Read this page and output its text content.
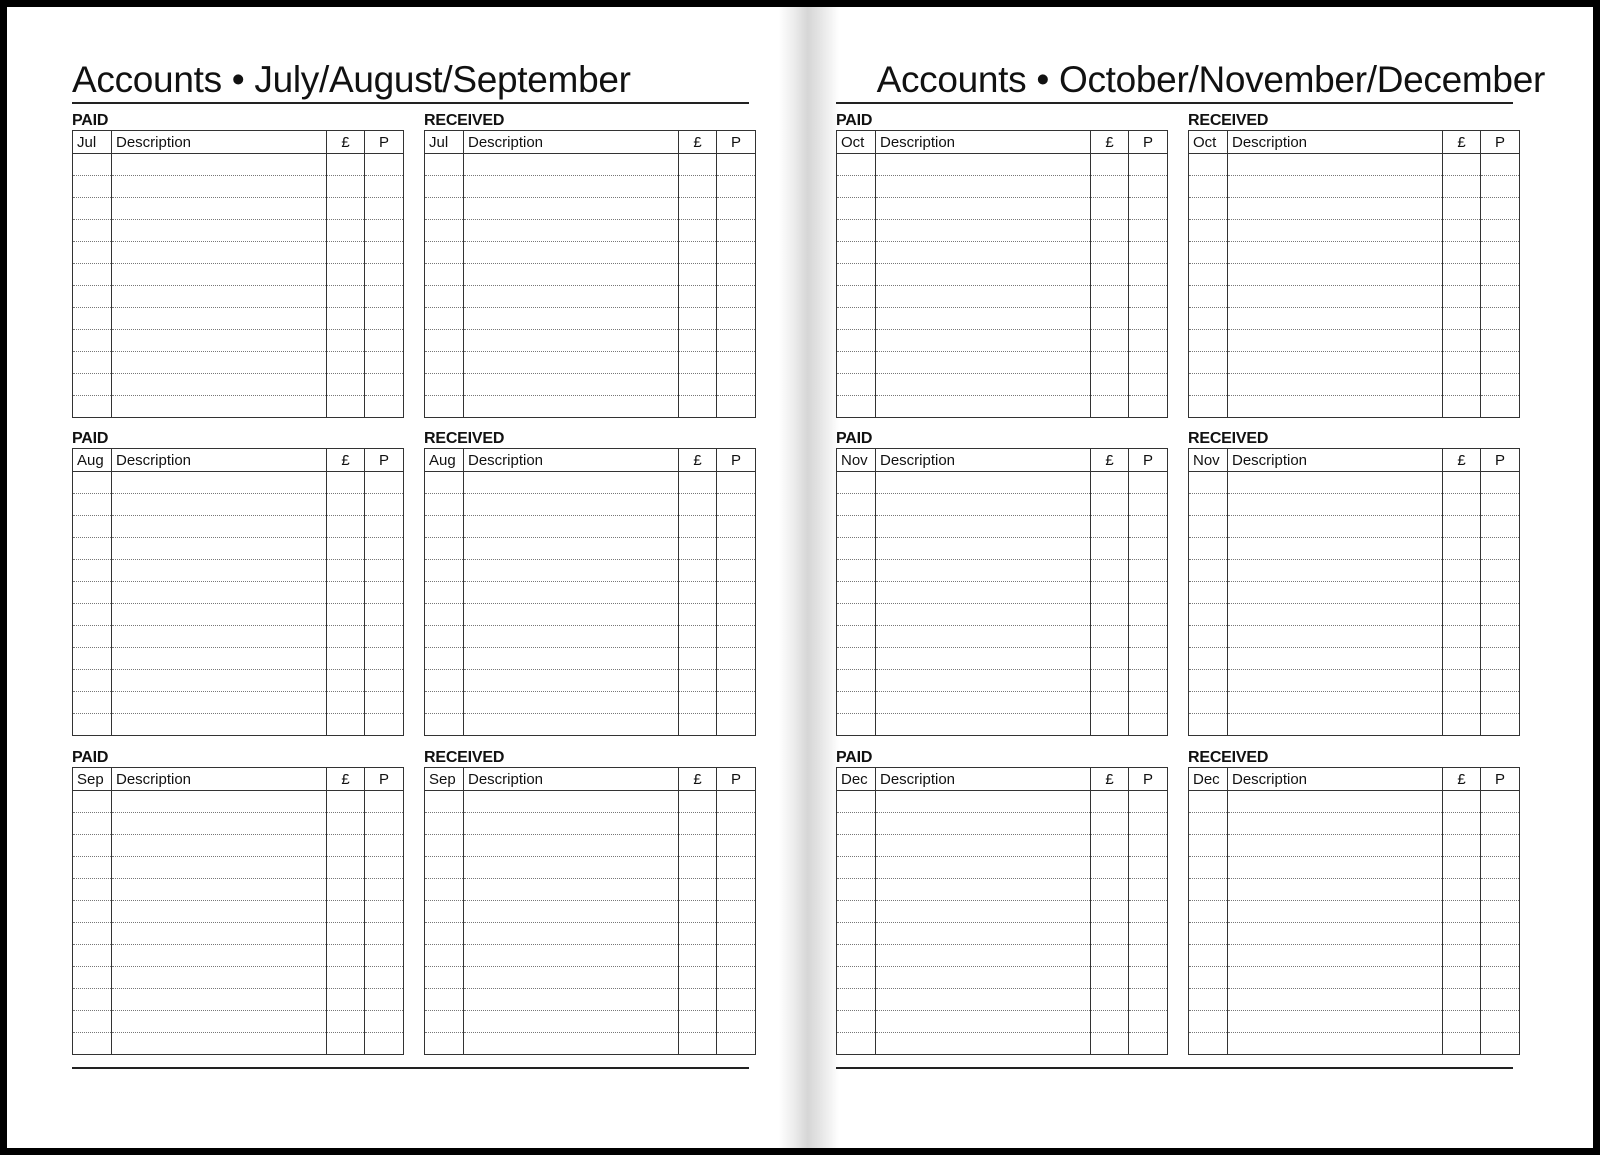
Accounts • July/August/September	Accounts • October/November/December
PAID
Jul	Description	£	P

RECEIVED
Jul	Description	£	P

PAID
Aug	Description	£	P

RECEIVED
Aug	Description	£	P

PAID
Sep	Description	£	P

RECEIVED
Sep	Description	£	P

PAID
Oct	Description	£	P

RECEIVED
Oct	Description	£	P

PAID
Nov	Description	£	P

RECEIVED
Nov	Description	£	P

PAID
Dec	Description	£	P

RECEIVED
Dec	Description	£	P
